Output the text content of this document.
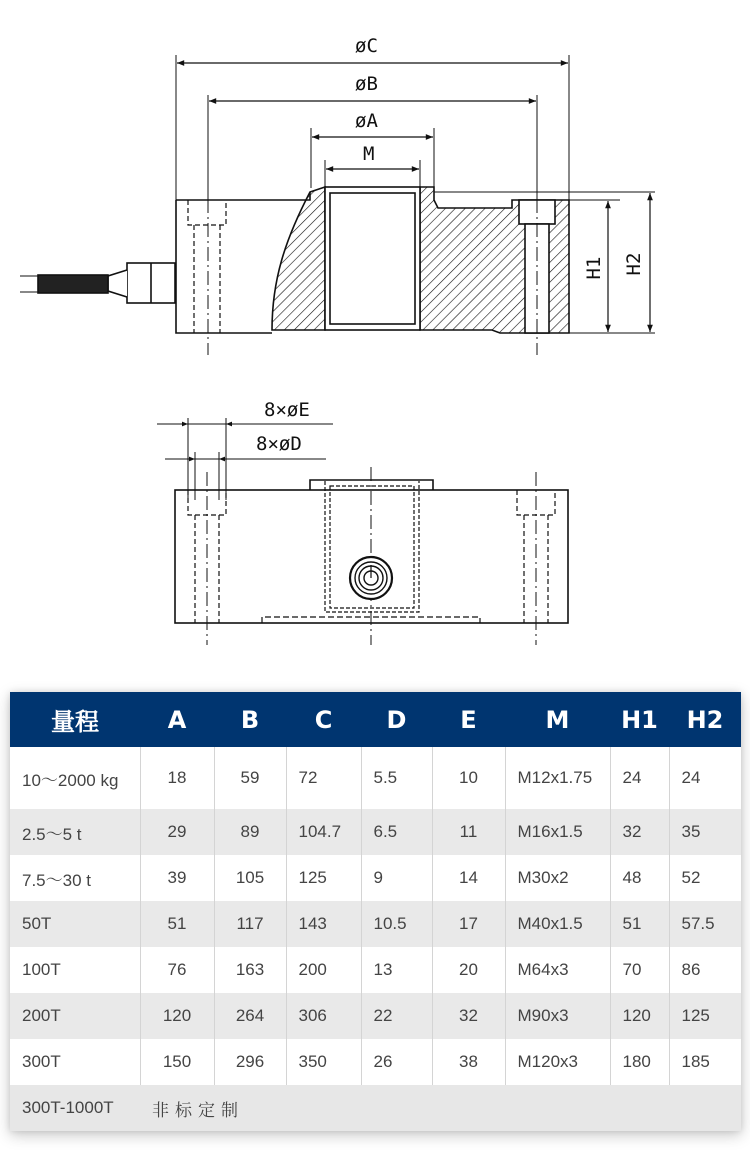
øC
øB
øA
M
H1 H2
8×øE
8×øD
量程	A	B	C	D	E	M	H1	H2
10～2000 kg	18	59	72	5.5	10	M12x1.75	24	24
2.5～5 t	29	89	104.7	6.5	11	M16x1.5	32	35
7.5～30 t	39	105	125	9	14	M30x2	48	52
50T	51	117	143	10.5	17	M40x1.5	51	57.5
100T	76	163	200	13	20	M64x3	70	86
200T	120	264	306	22	32	M90x3	120	125
300T	150	296	350	26	38	M120x3	180	185
300T-1000T	非标定制							
